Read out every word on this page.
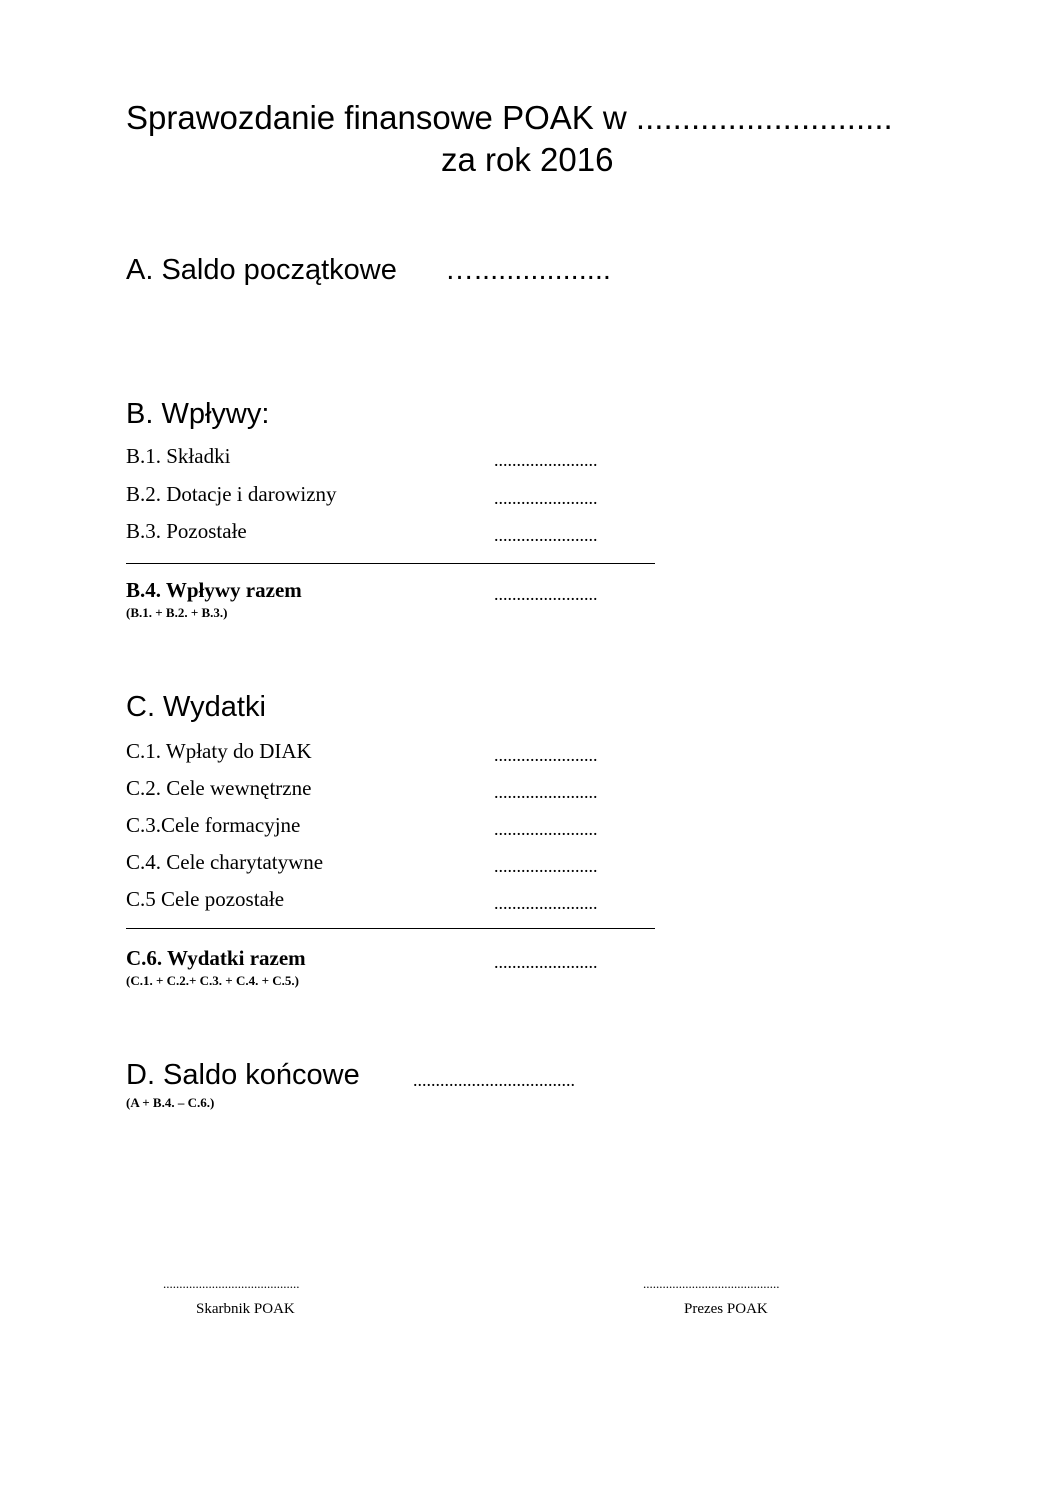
Sprawozdanie finansowe POAK w ............................
za rok 2016
A. Saldo początkowe ….................
B. Wpływy:
B.1. Składki	.......................
B.2. Dotacje i darowizny	.......................
B.3. Pozostałe	.......................
B.4. Wpływy razem	.......................
(B.1. + B.2. + B.3.)
C. Wydatki
C.1. Wpłaty do DIAK	.......................
C.2. Cele wewnętrzne	.......................
C.3.Cele formacyjne	.......................
C.4. Cele charytatywne	.......................
C.5 Cele pozostałe	.......................
C.6. Wydatki razem	.......................
(C.1. + C.2.+ C.3. + C.4. + C.5.)
D. Saldo końcowe	....................................
(A + B.4. – C.6.)
..........................................
Skarbnik POAK
..........................................
Prezes POAK
